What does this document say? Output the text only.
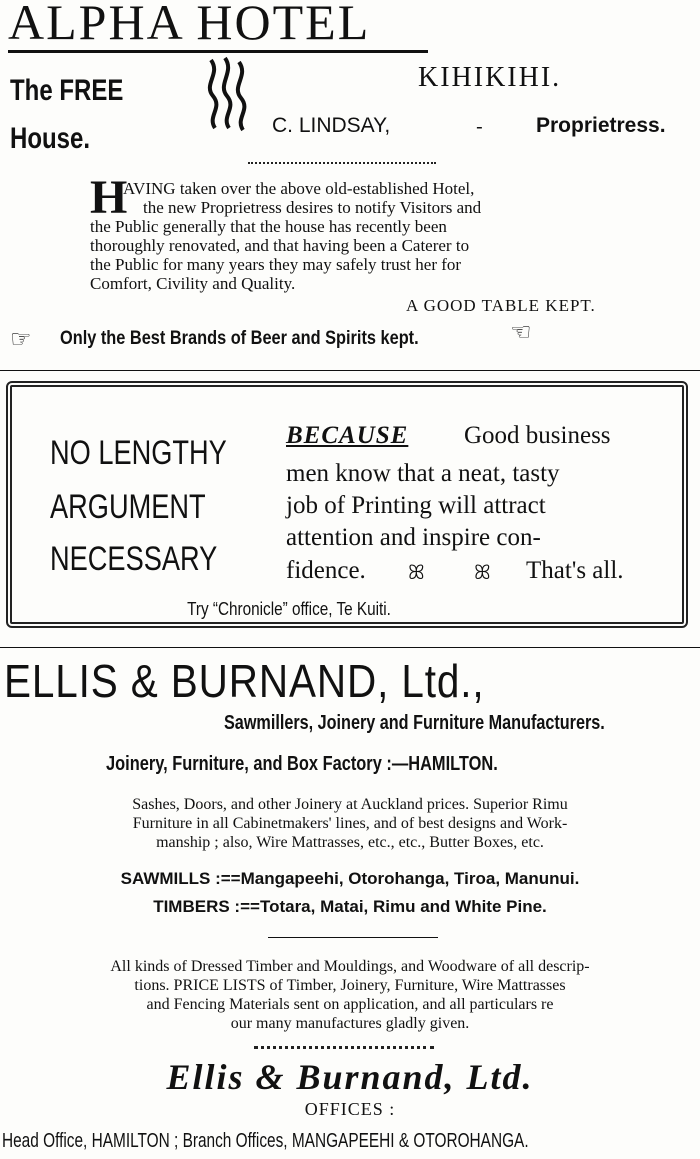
ALPHA HOTEL
The FREE
House.
KIHIKIHI.
C. LINDSAY,	-	Proprietress.
H
AVING taken over the above old-established Hotel,
the new Proprietress desires to notify Visitors and
the Public generally that the house has recently been
thoroughly renovated, and that having been a Caterer to
the Public for many years they may safely trust her for
Comfort, Civility and Quality.
A GOOD TABLE KEPT.
☞ Only the Best Brands of Beer and Spirits kept.	☜
NO LENGTHY
ARGUMENT
NECESSARY
BECAUSE Good business
men know that a neat, tasty
job of Printing will attract
attention and inspire con-
fidence. ꕤ ꕤ That's all.
Try “Chronicle” office, Te Kuiti.
ELLIS & BURNAND, Ltd.,
Sawmillers, Joinery and Furniture Manufacturers.
Joinery, Furniture, and Box Factory :—HAMILTON.
Sashes, Doors, and other Joinery at Auckland prices. Superior Rimu
Furniture in all Cabinetmakers' lines, and of best designs and Work-
manship ; also, Wire Mattrasses, etc., etc., Butter Boxes, etc.
SAWMILLS :==Mangapeehi, Otorohanga, Tiroa, Manunui.
TIMBERS :==Totara, Matai, Rimu and White Pine.
All kinds of Dressed Timber and Mouldings, and Woodware of all descrip-
tions. PRICE LISTS of Timber, Joinery, Furniture, Wire Mattrasses
and Fencing Materials sent on application, and all particulars re
our many manufactures gladly given.
Ellis & Burnand, Ltd.
OFFICES :
Head Office, HAMILTON ; Branch Offices, MANGAPEEHI & OTOROHANGA.
